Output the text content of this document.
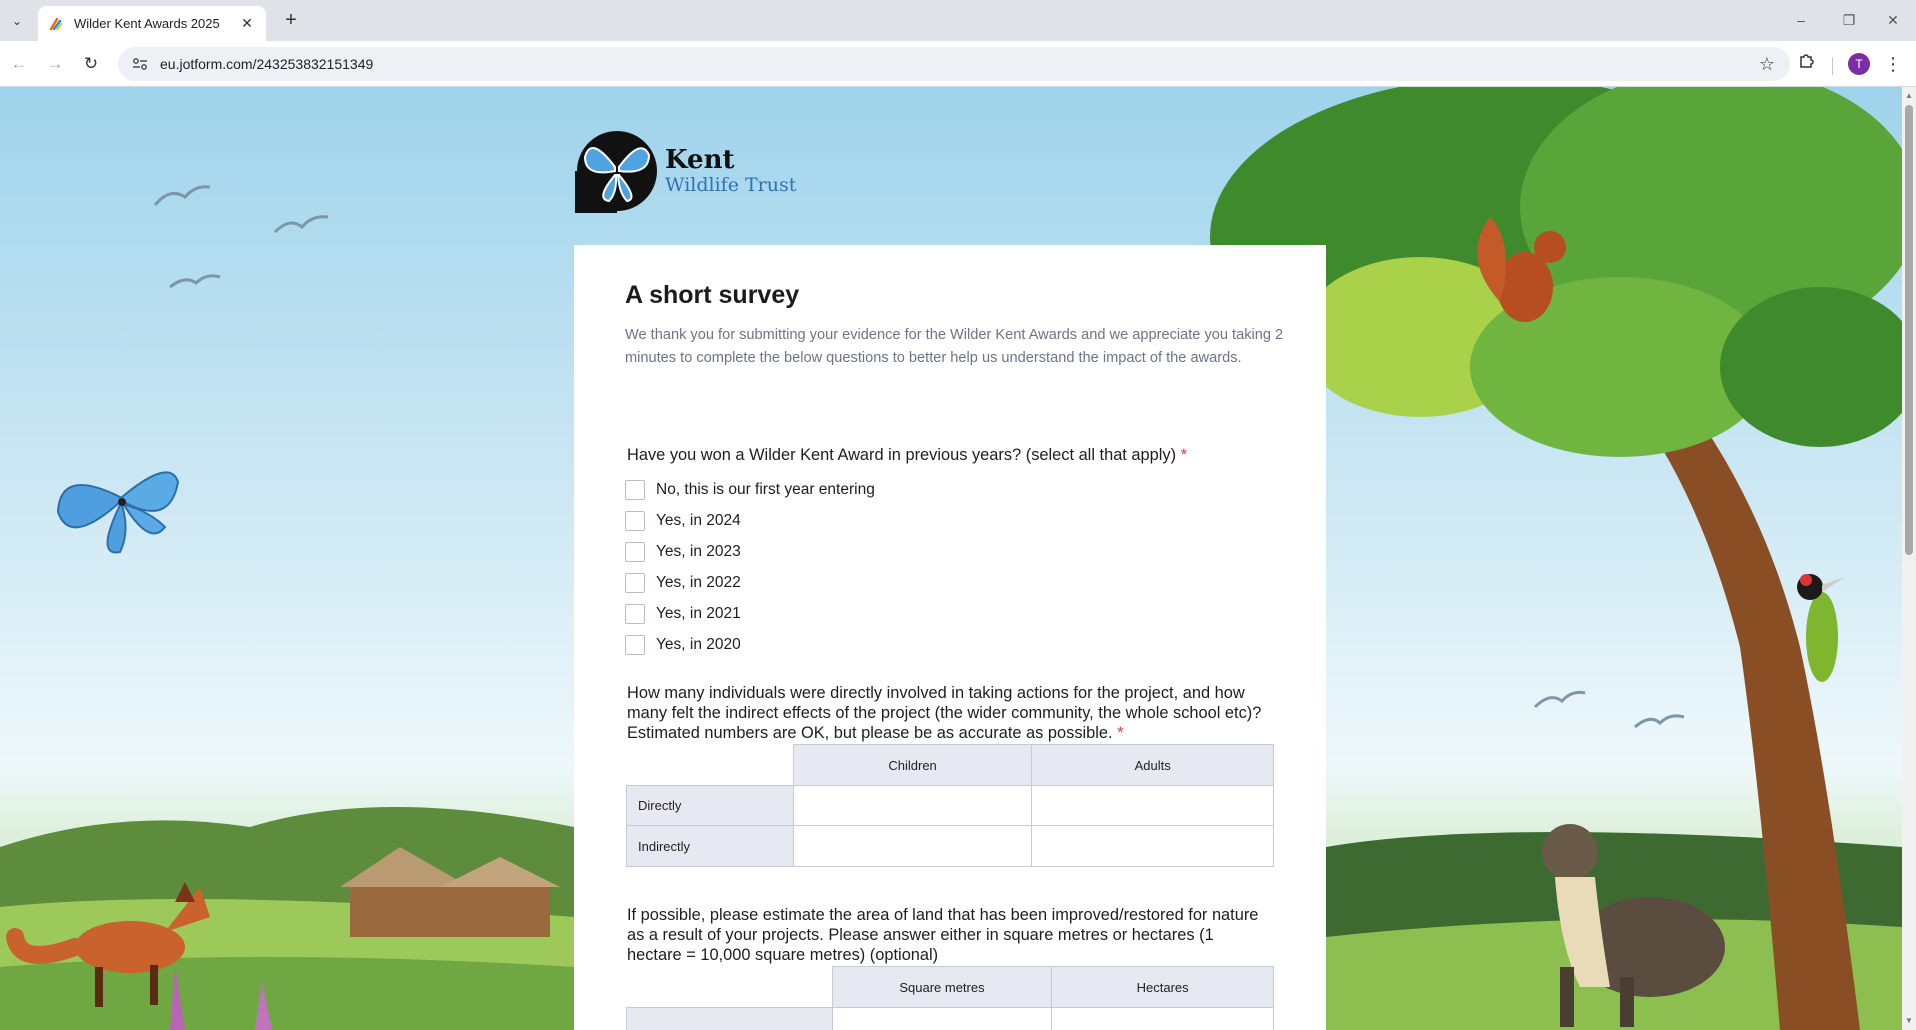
⌄	Wilder Kent Awards 2025	✕	+	–	❐	✕
← →	↻	eu.jotform.com/243253832151349	☆	T	⋮
Kent
Wildlife Trust
A short survey

We thank you for submitting your evidence for the Wilder Kent Awards and we appreciate you taking 2 minutes to complete the below questions to better help us understand the impact of the awards.

Have you won a Wilder Kent Award in previous years? (select all that apply) *
No, this is our first year entering
Yes, in 2024
Yes, in 2023
Yes, in 2022
Yes, in 2021
Yes, in 2020
How many individuals were directly involved in taking actions for the project, and how many felt the indirect effects of the project (the wider community, the whole school etc)? Estimated numbers are OK, but please be as accurate as possible. *
	Children	Adults
Directly		
Indirectly		
If possible, please estimate the area of land that has been improved/restored for nature as a result of your projects. Please answer either in square metres or hectares (1 hectare = 10,000 square metres) (optional)
	Square metres	Hectares

▲
▼
